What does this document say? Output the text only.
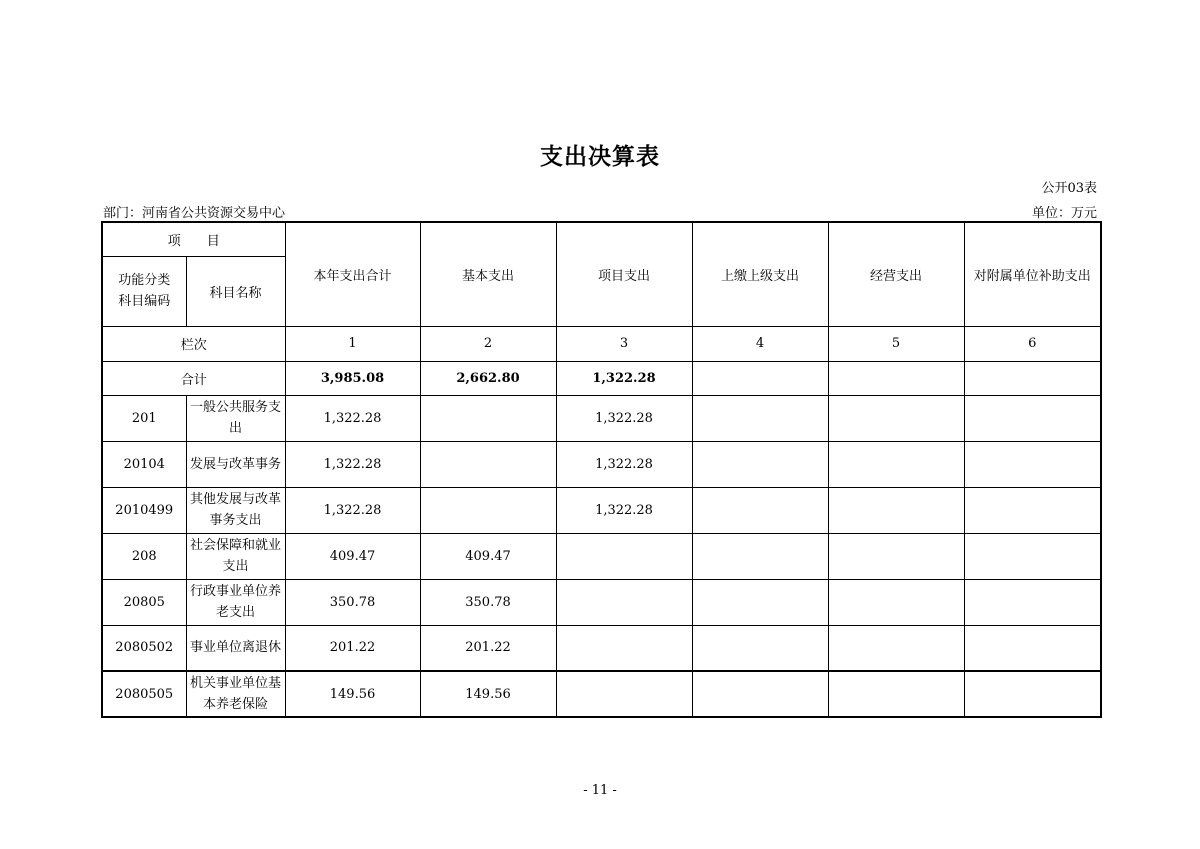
支出决算表
公开03表
部门：河南省公共资源交易中心	单位：万元
项　　目		本年支出合计	基本支出	项目支出	上缴上级支出	经营支出	对附属单位补助支出
功能分类科目编码	科目名称						
栏次		1	2	3	4	5	6
合计		3,985.08	2,662.80	1,322.28			
201	一般公共服务支出	1,322.28		1,322.28			
20104	发展与改革事务	1,322.28		1,322.28			
2010499	其他发展与改革事务支出	1,322.28		1,322.28			
208	社会保障和就业支出	409.47	409.47				
20805	行政事业单位养老支出	350.78	350.78				
2080502	事业单位离退休	201.22	201.22				
2080505	机关事业单位基本养老保险	149.56	149.56				
- 11 -
